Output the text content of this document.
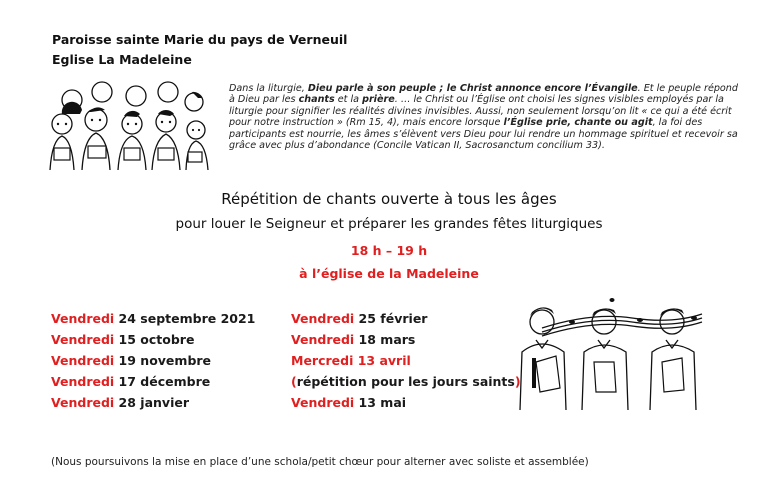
Paroisse sainte Marie du pays de Verneuil
Eglise La Madeleine
Dans la liturgie, Dieu parle à son peuple ; le Christ annonce encore l’Évangile. Et le peuple répond à Dieu par les chants et la prière. … le Christ ou l’Église ont choisi les signes visibles employés par la liturgie pour signifier les réalités divines invisibles. Aussi, non seulement lorsqu’on lit « ce qui a été écrit pour notre instruction » (Rm 15, 4), mais encore lorsque l’Église prie, chante ou agit, la foi des participants est nourrie, les âmes s’élèvent vers Dieu pour lui rendre un hommage spirituel et recevoir sa grâce avec plus d’abondance (Concile Vatican II, Sacrosanctum concilium 33).
Répétition de chants ouverte à tous les âges
pour louer le Seigneur et préparer les grandes fêtes liturgiques
18 h – 19 h
à l’église de la Madeleine
Vendredi 24 septembre 2021
Vendredi 15 octobre
Vendredi 19 novembre
Vendredi 17 décembre
Vendredi 28 janvier
Vendredi 25 février
Vendredi 18 mars
Mercredi 13 avril
(répétition pour les jours saints)
Vendredi 13 mai
(Nous poursuivons la mise en place d’une schola/petit chœur pour alterner avec soliste et assemblée)
